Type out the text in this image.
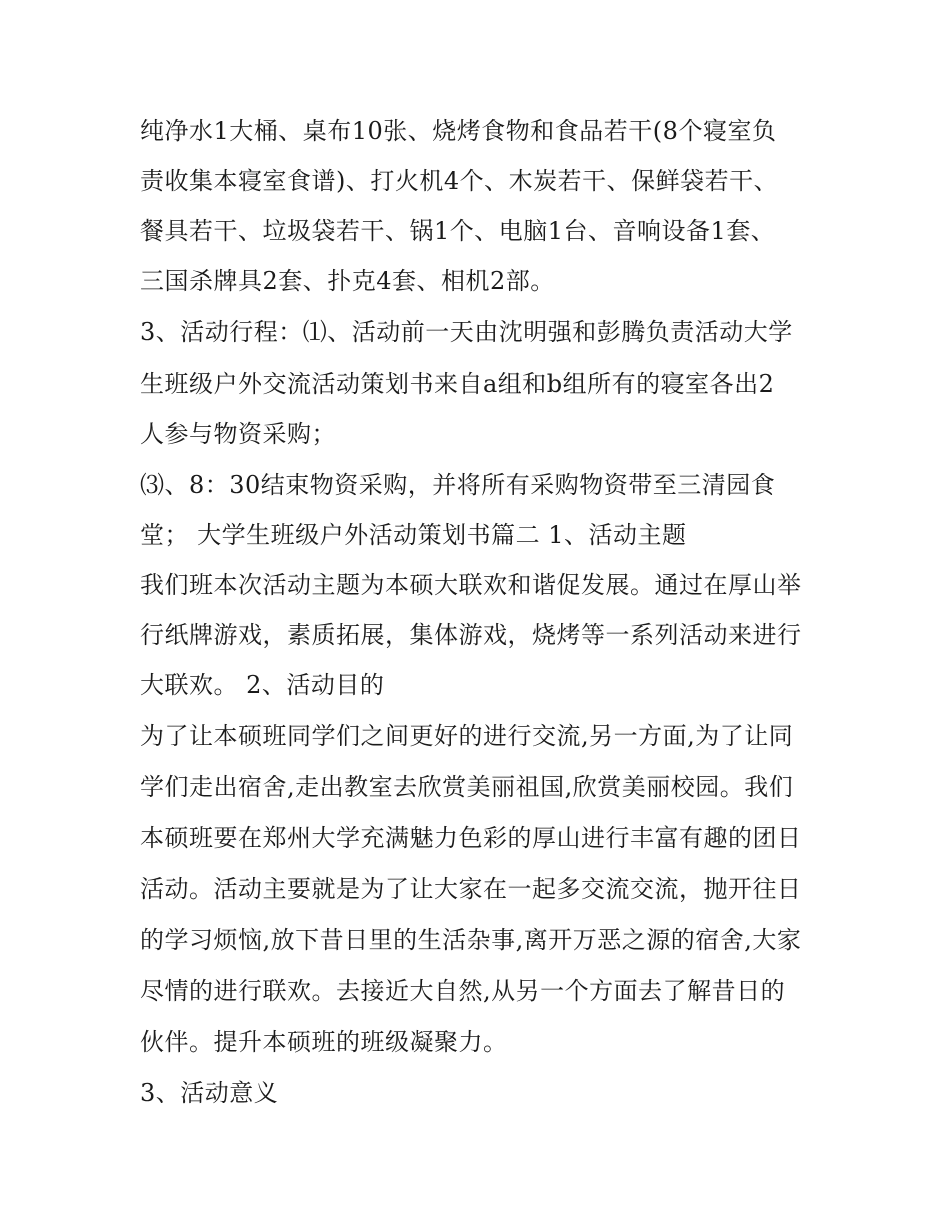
纯净水1大桶、桌布10张、烧烤食物和食品若干(8个寝室负
责收集本寝室食谱)、打火机4个、木炭若干、保鲜袋若干、
餐具若干、垃圾袋若干、锅1个、电脑1台、音响设备1套、
三国杀牌具2套、扑克4套、相机2部。
3、活动行程：⑴、活动前一天由沈明强和彭腾负责活动大学
生班级户外交流活动策划书来自a组和b组所有的寝室各出2
人参与物资采购；
⑶、8：30结束物资采购，并将所有采购物资带至三清园食
堂； 大学生班级户外活动策划书篇二 1、活动主题
我们班本次活动主题为本硕大联欢和谐促发展。通过在厚山举
行纸牌游戏，素质拓展，集体游戏，烧烤等一系列活动来进行
大联欢。 2、活动目的
为了让本硕班同学们之间更好的进行交流,另一方面,为了让同
学们走出宿舍,走出教室去欣赏美丽祖国,欣赏美丽校园。我们
本硕班要在郑州大学充满魅力色彩的厚山进行丰富有趣的团日
活动。活动主要就是为了让大家在一起多交流交流，抛开往日
的学习烦恼,放下昔日里的生活杂事,离开万恶之源的宿舍,大家
尽情的进行联欢。去接近大自然,从另一个方面去了解昔日的
伙伴。提升本硕班的班级凝聚力。
3、活动意义
